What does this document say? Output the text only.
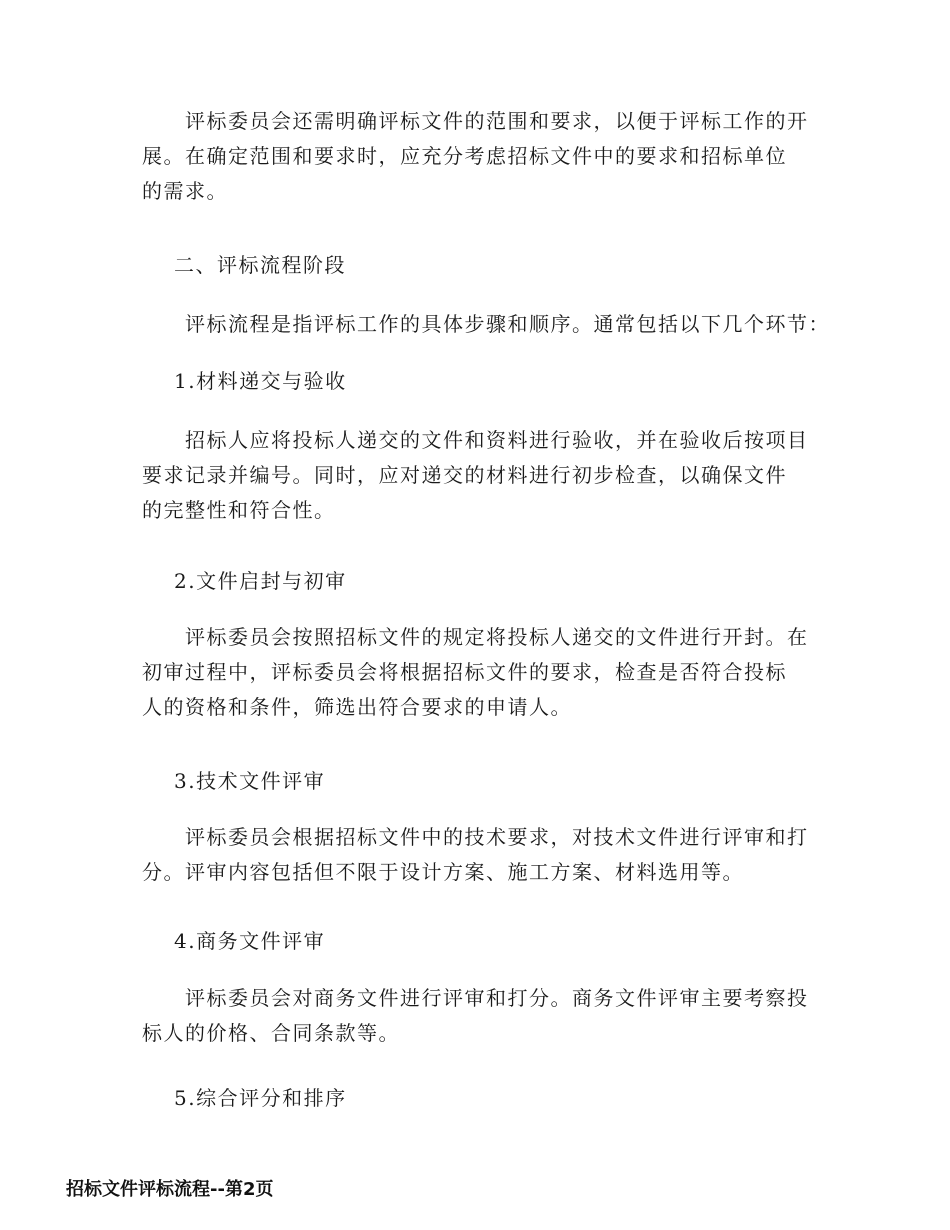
　　评标委员会还需明确评标文件的范围和要求，以便于评标工作的开
展。在确定范围和要求时，应充分考虑招标文件中的要求和招标单位
的需求。

二、评标流程阶段

　　评标流程是指评标工作的具体步骤和顺序。通常包括以下几个环节：

1.材料递交与验收

　　招标人应将投标人递交的文件和资料进行验收，并在验收后按项目
要求记录并编号。同时，应对递交的材料进行初步检查，以确保文件
的完整性和符合性。

2.文件启封与初审

　　评标委员会按照招标文件的规定将投标人递交的文件进行开封。在
初审过程中，评标委员会将根据招标文件的要求，检查是否符合投标
人的资格和条件，筛选出符合要求的申请人。

3.技术文件评审

　　评标委员会根据招标文件中的技术要求，对技术文件进行评审和打
分。评审内容包括但不限于设计方案、施工方案、材料选用等。

4.商务文件评审

　　评标委员会对商务文件进行评审和打分。商务文件评审主要考察投
标人的价格、合同条款等。

5.综合评分和排序

招标文件评标流程--第2页
